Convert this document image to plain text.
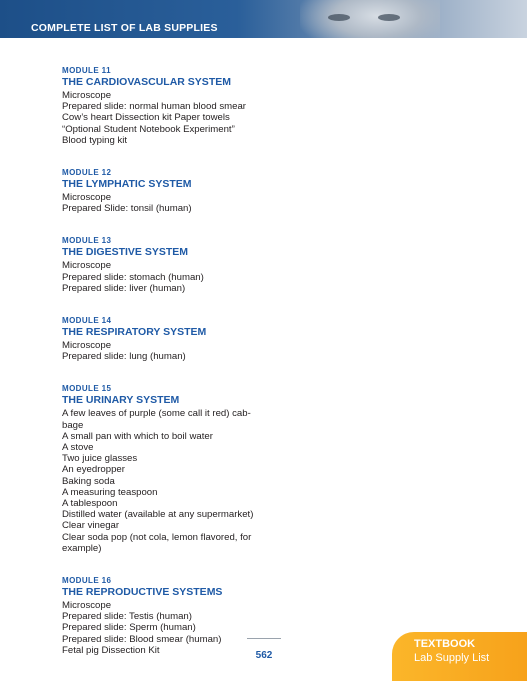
COMPLETE LIST OF LAB SUPPLIES
MODULE 11
THE CARDIOVASCULAR SYSTEM
Microscope
Prepared slide: normal human blood smear
Cow’s heart Dissection kit Paper towels
“Optional Student Notebook Experiment”
Blood typing kit
MODULE 12
THE LYMPHATIC SYSTEM
Microscope
Prepared Slide: tonsil (human)
MODULE 13
THE DIGESTIVE SYSTEM
Microscope
Prepared slide: stomach (human)
Prepared slide: liver (human)
MODULE 14
THE RESPIRATORY SYSTEM
Microscope
Prepared slide: lung (human)
MODULE 15
THE URINARY SYSTEM
A few leaves of purple (some call it red) cab-
bage
A small pan with which to boil water
A stove
Two juice glasses
An eyedropper
Baking soda
A measuring teaspoon
A tablespoon
Distilled water (available at any supermarket)
Clear vinegar
Clear soda pop (not cola, lemon flavored, for
example)
MODULE 16
THE REPRODUCTIVE SYSTEMS
Microscope
Prepared slide: Testis (human)
Prepared slide: Sperm (human)
Prepared slide: Blood smear (human)
Fetal pig Dissection Kit	562
TEXTBOOK
Lab Supply List
